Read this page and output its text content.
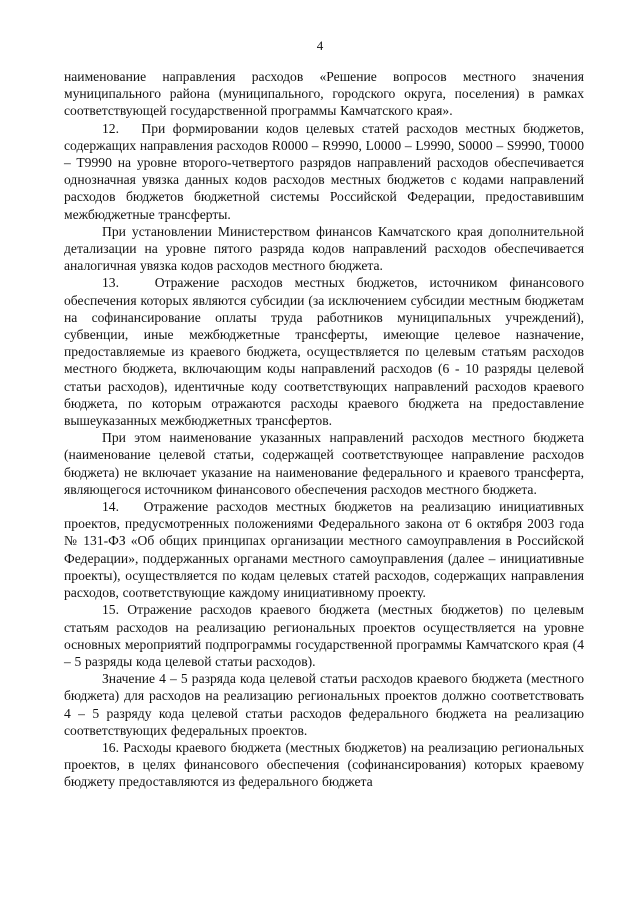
4

наименование направления расходов «Решение вопросов местного значения муниципального района (муниципального, городского округа, поселения) в рамках соответствующей государственной программы Камчатского края».

12.   При формировании кодов целевых статей расходов местных бюджетов, содержащих направления расходов R0000 – R9990, L0000 – L9990, S0000 – S9990, T0000 – T9990 на уровне второго-четвертого разрядов направлений расходов обеспечивается однозначная увязка данных кодов расходов местных бюджетов с кодами направлений расходов бюджетов бюджетной системы Российской Федерации, предоставившим межбюджетные трансферты.

При установлении Министерством финансов Камчатского края дополнительной детализации на уровне пятого разряда кодов направлений расходов обеспечивается аналогичная увязка кодов расходов местного бюджета.

13.   Отражение расходов местных бюджетов, источником финансового обеспечения которых являются субсидии (за исключением субсидии местным бюджетам на софинансирование оплаты труда работников муниципальных учреждений), субвенции, иные межбюджетные трансферты, имеющие целевое назначение, предоставляемые из краевого бюджета, осуществляется по целевым статьям расходов местного бюджета, включающим коды направлений расходов (6 - 10 разряды целевой статьи расходов), идентичные коду соответствующих направлений расходов краевого бюджета, по которым отражаются расходы краевого бюджета на предоставление вышеуказанных межбюджетных трансфертов.

При этом наименование указанных направлений расходов местного бюджета (наименование целевой статьи, содержащей соответствующее направление расходов бюджета) не включает указание на наименование федерального и краевого трансферта, являющегося источником финансового обеспечения расходов местного бюджета.

14.   Отражение расходов местных бюджетов на реализацию инициативных проектов, предусмотренных положениями Федерального закона от 6 октября 2003 года № 131-ФЗ «Об общих принципах организации местного самоуправления в Российской Федерации», поддержанных органами местного самоуправления (далее – инициативные проекты), осуществляется по кодам целевых статей расходов, содержащих направления расходов, соответствующие каждому инициативному проекту.

15. Отражение расходов краевого бюджета (местных бюджетов) по целевым статьям расходов на реализацию региональных проектов осуществляется на уровне основных мероприятий подпрограммы государственной программы Камчатского края (4 – 5 разряды кода целевой статьи расходов).

Значение 4 – 5 разряда кода целевой статьи расходов краевого бюджета (местного бюджета) для расходов на реализацию региональных проектов должно соответствовать 4 – 5 разряду кода целевой статьи расходов федерального бюджета на реализацию соответствующих федеральных проектов.

16. Расходы краевого бюджета (местных бюджетов) на реализацию региональных проектов, в целях финансового обеспечения (софинансирования) которых краевому бюджету предоставляются из федерального бюджета
